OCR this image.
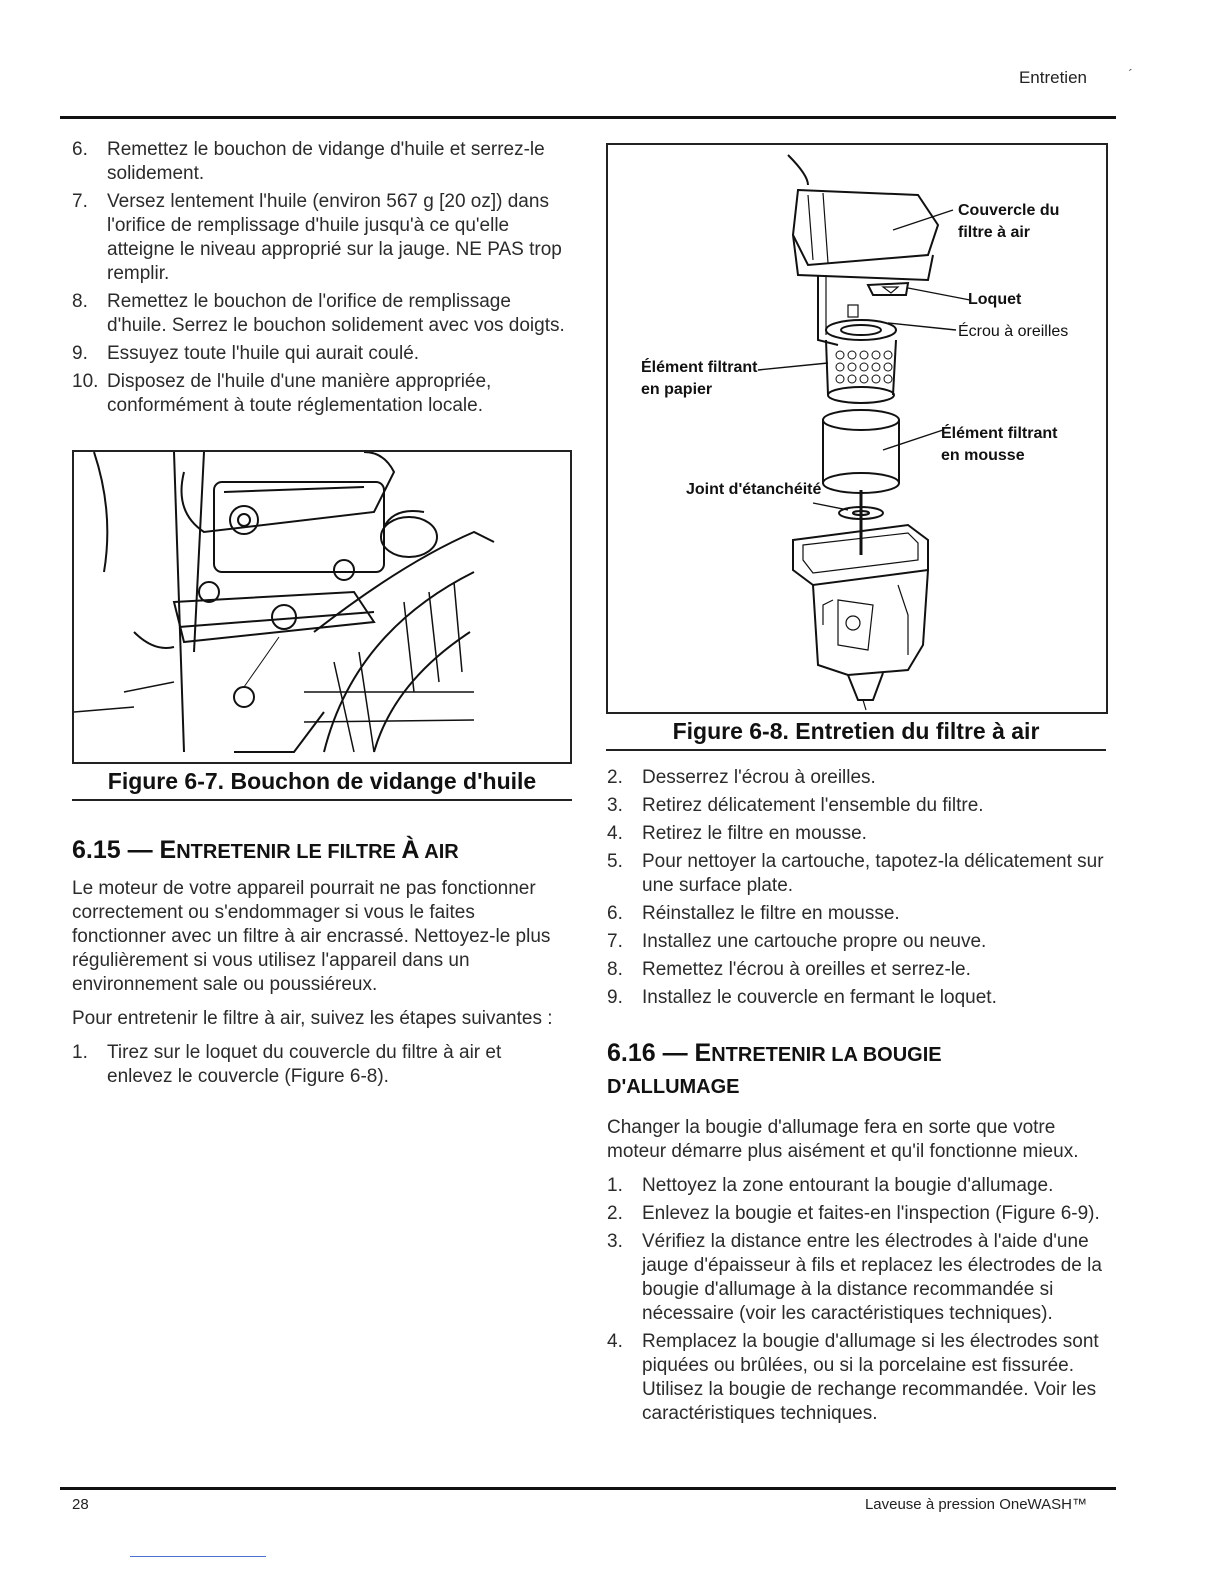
Entretien	´
6. Remettez le bouchon de vidange d'huile et serrez-le solidement.
7. Versez lentement l'huile (environ 567 g [20 oz]) dans l'orifice de remplissage d'huile jusqu'à ce qu'elle atteigne le niveau approprié sur la jauge. NE PAS trop remplir.
8. Remettez le bouchon de l'orifice de remplissage d'huile. Serrez le bouchon solidement avec vos doigts.
9. Essuyez toute l'huile qui aurait coulé.
10. Disposez de l'huile d'une manière appropriée, conformément à toute réglementation locale.
Figure 6-7. Bouchon de vidange d'huile
6.15 — ENTRETENIR LE FILTRE À AIR

Le moteur de votre appareil pourrait ne pas fonctionner correctement ou s'endommager si vous le faites fonctionner avec un filtre à air encrassé. Nettoyez-le plus régulièrement si vous utilisez l'appareil dans un environnement sale ou poussiéreux.

Pour entretenir le filtre à air, suivez les étapes suivantes :

1. Tirez sur le loquet du couvercle du filtre à air et enlevez le couvercle (Figure 6-8).
Couvercle du
filtre à air
Loquet
Écrou à oreilles
Élément filtrant
en papier
Élément filtrant
en mousse
Joint d'étanchéité
Figure 6-8. Entretien du filtre à air
2. Desserrez l'écrou à oreilles.
3. Retirez délicatement l'ensemble du filtre.
4. Retirez le filtre en mousse.
5. Pour nettoyer la cartouche, tapotez-la délicatement sur une surface plate.
6. Réinstallez le filtre en mousse.
7. Installez une cartouche propre ou neuve.
8. Remettez l'écrou à oreilles et serrez-le.
9. Installez le couvercle en fermant le loquet.
6.16 — ENTRETENIR LA BOUGIE
D'ALLUMAGE

Changer la bougie d'allumage fera en sorte que votre moteur démarre plus aisément et qu'il fonctionne mieux.

1. Nettoyez la zone entourant la bougie d'allumage.
2. Enlevez la bougie et faites-en l'inspection (Figure 6-9).
3. Vérifiez la distance entre les électrodes à l'aide d'une jauge d'épaisseur à fils et replacez les électrodes de la bougie d'allumage à la distance recommandée si nécessaire (voir les caractéristiques techniques).
4. Remplacez la bougie d'allumage si les électrodes sont piquées ou brûlées, ou si la porcelaine est fissurée. Utilisez la bougie de rechange recommandée. Voir les caractéristiques techniques.
28	Laveuse à pression OneWASH™
